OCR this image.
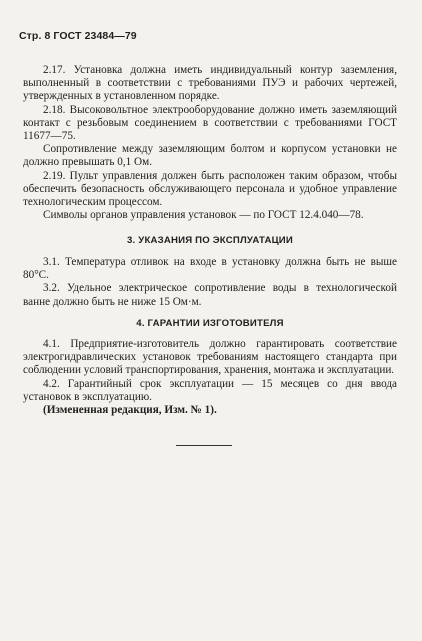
Стр. 8 ГОСТ 23484—79

2.17. Установка должна иметь индивидуальный контур заземления, выполненный в соответствии с требованиями ПУЭ и рабочих чертежей, утвержденных в установленном порядке.

2.18. Высоковольтное электрооборудование должно иметь заземляющий контакт с резьбовым соединением в соответствии с требованиями ГОСТ 11677—75.

Сопротивление между заземляющим болтом и корпусом установки не должно превышать 0,1 Ом.

2.19. Пульт управления должен быть расположен таким образом, чтобы обеспечить безопасность обслуживающего персонала и удобное управление технологическим процессом.

Символы органов управления установок — по ГОСТ 12.4.040—78.

3. УКАЗАНИЯ ПО ЭКСПЛУАТАЦИИ

3.1. Температура отливок на входе в установку должна быть не выше 80°С.

3.2. Удельное электрическое сопротивление воды в технологической ванне должно быть не ниже 15 Ом·м.

4. ГАРАНТИИ ИЗГОТОВИТЕЛЯ

4.1. Предприятие-изготовитель должно гарантировать соответствие электрогидравлических установок требованиям настоящего стандарта при соблюдении условий транспортирования, хранения, монтажа и эксплуатации.

4.2. Гарантийный срок эксплуатации — 15 месяцев со дня ввода установок в эксплуатацию.

(Измененная редакция, Изм. № 1).
